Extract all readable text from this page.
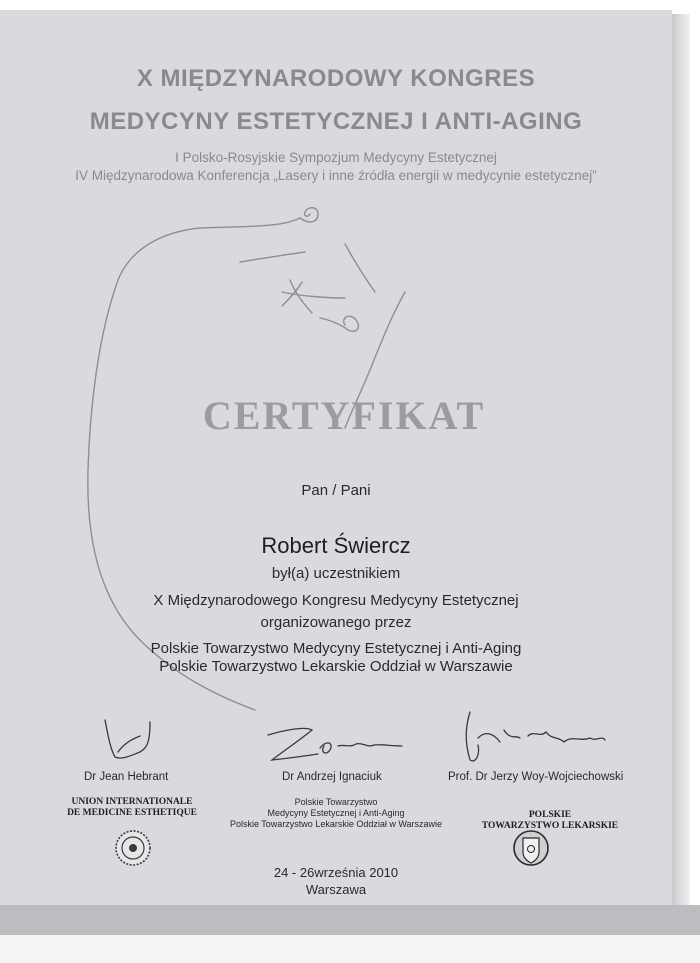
X MIĘDZYNARODOWY KONGRES
MEDYCYNY ESTETYCZNEJ I ANTI-AGING
I Polsko-Rosyjskie Sympozjum Medycyny Estetycznej
IV Międzynarodowa Konferencja „Lasery i inne źródła energii w medycynie estetycznej”
CERTYFIKAT
Pan / Pani
Robert Świercz
był(a) uczestnikiem
X Międzynarodowego Kongresu Medycyny Estetycznej
organizowanego przez
Polskie Towarzystwo Medycyny Estetycznej i Anti-Aging
Polskie Towarzystwo Lekarskie Oddział w Warszawie
Dr Jean Hebrant	Dr Andrzej Ignaciuk	Prof. Dr Jerzy Woy-Wojciechowski
UNION INTERNATIONALE
DE MEDICINE ESTHETIQUE
Polskie Towarzystwo
Medycyny Estetycznej i Anti-Aging
Polskie Towarzystwo Lekarskie Oddział w Warszawie
POLSKIE
TOWARZYSTWO LEKARSKIE
24 - 26września 2010
Warszawa
